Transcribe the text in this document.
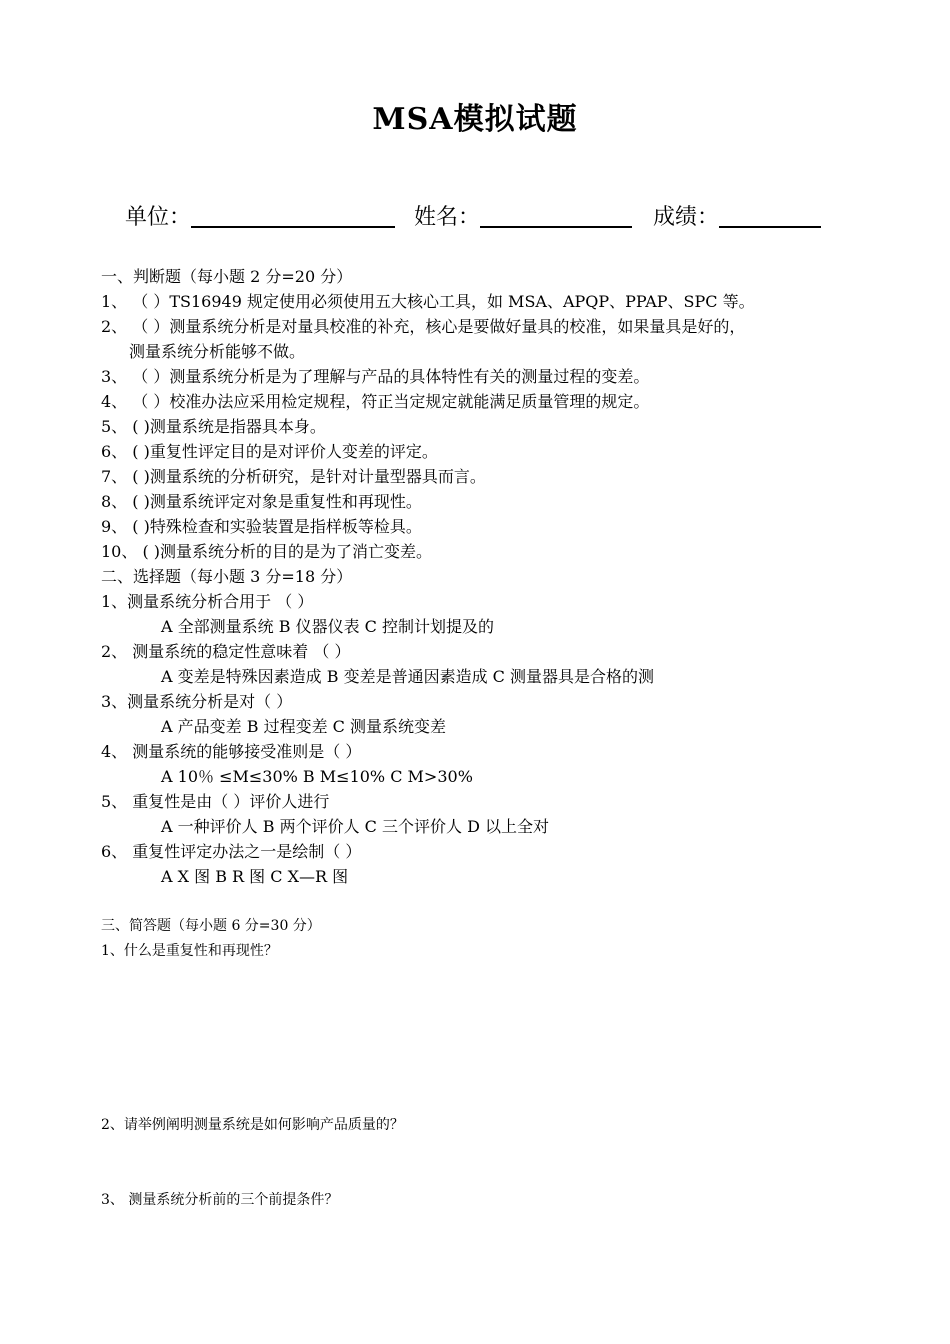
MSA模拟试题
单位：	姓名：	成绩：
一、判断题（每小题 2 分=20 分）
1、 （ ）TS16949 规定使用必须使用五大核心工具，如 MSA、APQP、PPAP、SPC 等。
2、 （ ）测量系统分析是对量具校准的补充，核心是要做好量具的校准，如果量具是好的，
测量系统分析能够不做。
3、 （ ）测量系统分析是为了理解与产品的具体特性有关的测量过程的变差。
4、 （ ）校准办法应采用检定规程，符正当定规定就能满足质量管理的规定。
5、 ( )测量系统是指器具本身。
6、 ( )重复性评定目的是对评价人变差的评定。
7、 ( )测量系统的分析研究，是针对计量型器具而言。
8、 ( )测量系统评定对象是重复性和再现性。
9、 ( )特殊检查和实验装置是指样板等检具。
10、 ( )测量系统分析的目的是为了消亡变差。
二、选择题（每小题 3 分=18 分）
1、测量系统分析合用于 （ ）
A 全部测量系统 B 仪器仪表 C 控制计划提及的
2、 测量系统的稳定性意味着 （ ）
A 变差是特殊因素造成 B 变差是普通因素造成 C 测量器具是合格的测
3、测量系统分析是对（ ）
A 产品变差 B 过程变差 C 测量系统变差
4、 测量系统的能够接受准则是（ ）
A 10％ ≤M≤30% B M≤10% C M>30%
5、 重复性是由（ ）评价人进行
A 一种评价人 B 两个评价人 C 三个评价人 D 以上全对
6、 重复性评定办法之一是绘制（ ）
A X 图 B R 图 C X—R 图
三、简答题（每小题 6 分=30 分）
1、什么是重复性和再现性？
2、请举例阐明测量系统是如何影响产品质量的？
3、 测量系统分析前的三个前提条件？
